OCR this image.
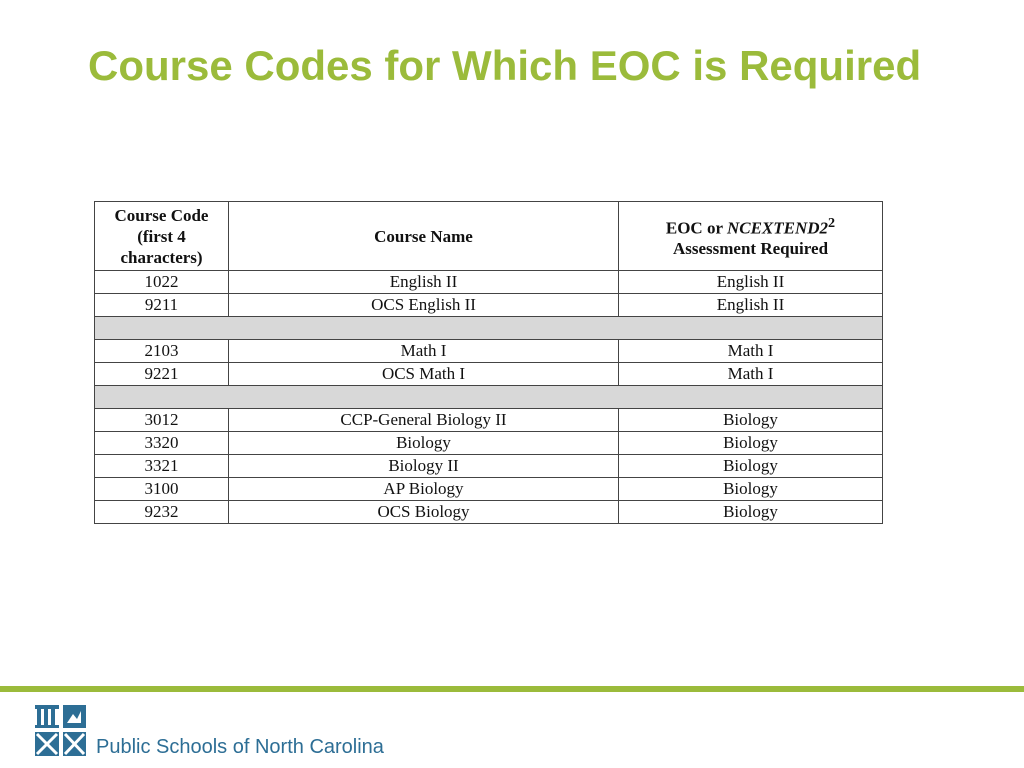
Course Codes for Which EOC is Required
Course Code
(first 4
characters)	Course Name	EOC or $NCEXTEND2^2$
Assessment Required
1022	English II	English II
9211	OCS English II	English II

2103	Math I	Math I
9221	OCS Math I	Math I

3012	CCP-General Biology II	Biology
3320	Biology	Biology
3321	Biology II	Biology
3100	AP Biology	Biology
9232	OCS Biology	Biology
Public Schools of North Carolina
